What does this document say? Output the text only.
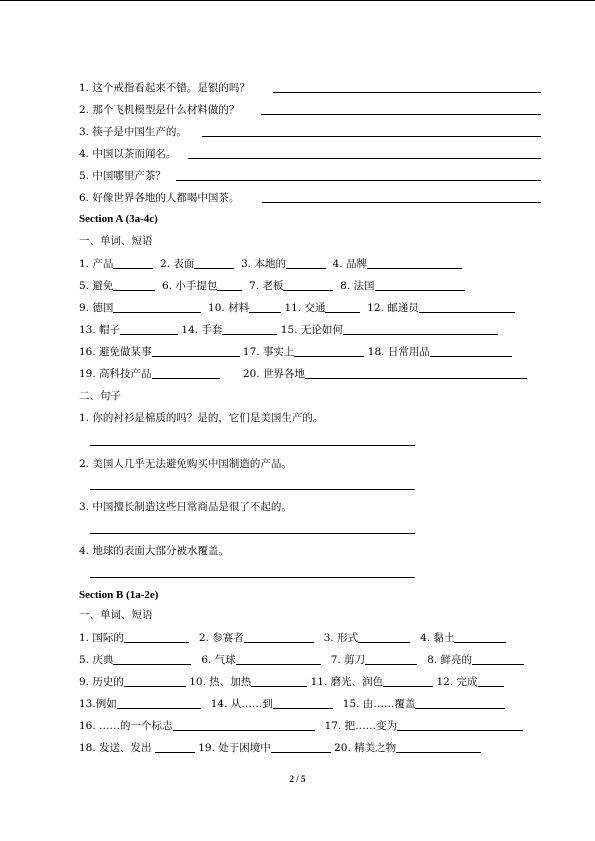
1. 这个戒指看起来不错。是银的吗？
2. 那个飞机模型是什么材料做的？
3. 筷子是中国生产的。
4. 中国以茶而闻名。
5. 中国哪里产茶？
6. 好像世界各地的人都喝中国茶。
Section A (3a-4c)
一、单词、短语
1. 产品	2. 表面	3. 本地的	4. 品牌
5. 避免	6. 小手提包	7. 老板	8. 法国
9. 德国	10. 材料	11. 交通	12. 邮递员
13. 帽子	14. 手套	15. 无论如何
16. 避免做某事	17. 事实上	18. 日常用品
19. 高科技产品	20. 世界各地
二、句子
1. 你的衬衫是棉质的吗？是的，它们是美国生产的。
2. 美国人几乎无法避免购买中国制造的产品。
3. 中国擅长制造这些日常商品是很了不起的。
4. 地球的表面大部分被水覆盖。
Section B (1a-2e)
一、单词、短语
1. 国际的	2. 参赛者	3. 形式	4. 黏土
5. 庆典	6. 气球	7. 剪刀	8. 鲜亮的
9. 历史的	10. 热、加热	11. 磨光、润色	12. 完成
13.例如	14. 从……到	15. 由……覆盖
16. ……的一个标志	17. 把……变为
18. 发送、发出	19. 处于困境中	20. 精美之物
2 / 5
